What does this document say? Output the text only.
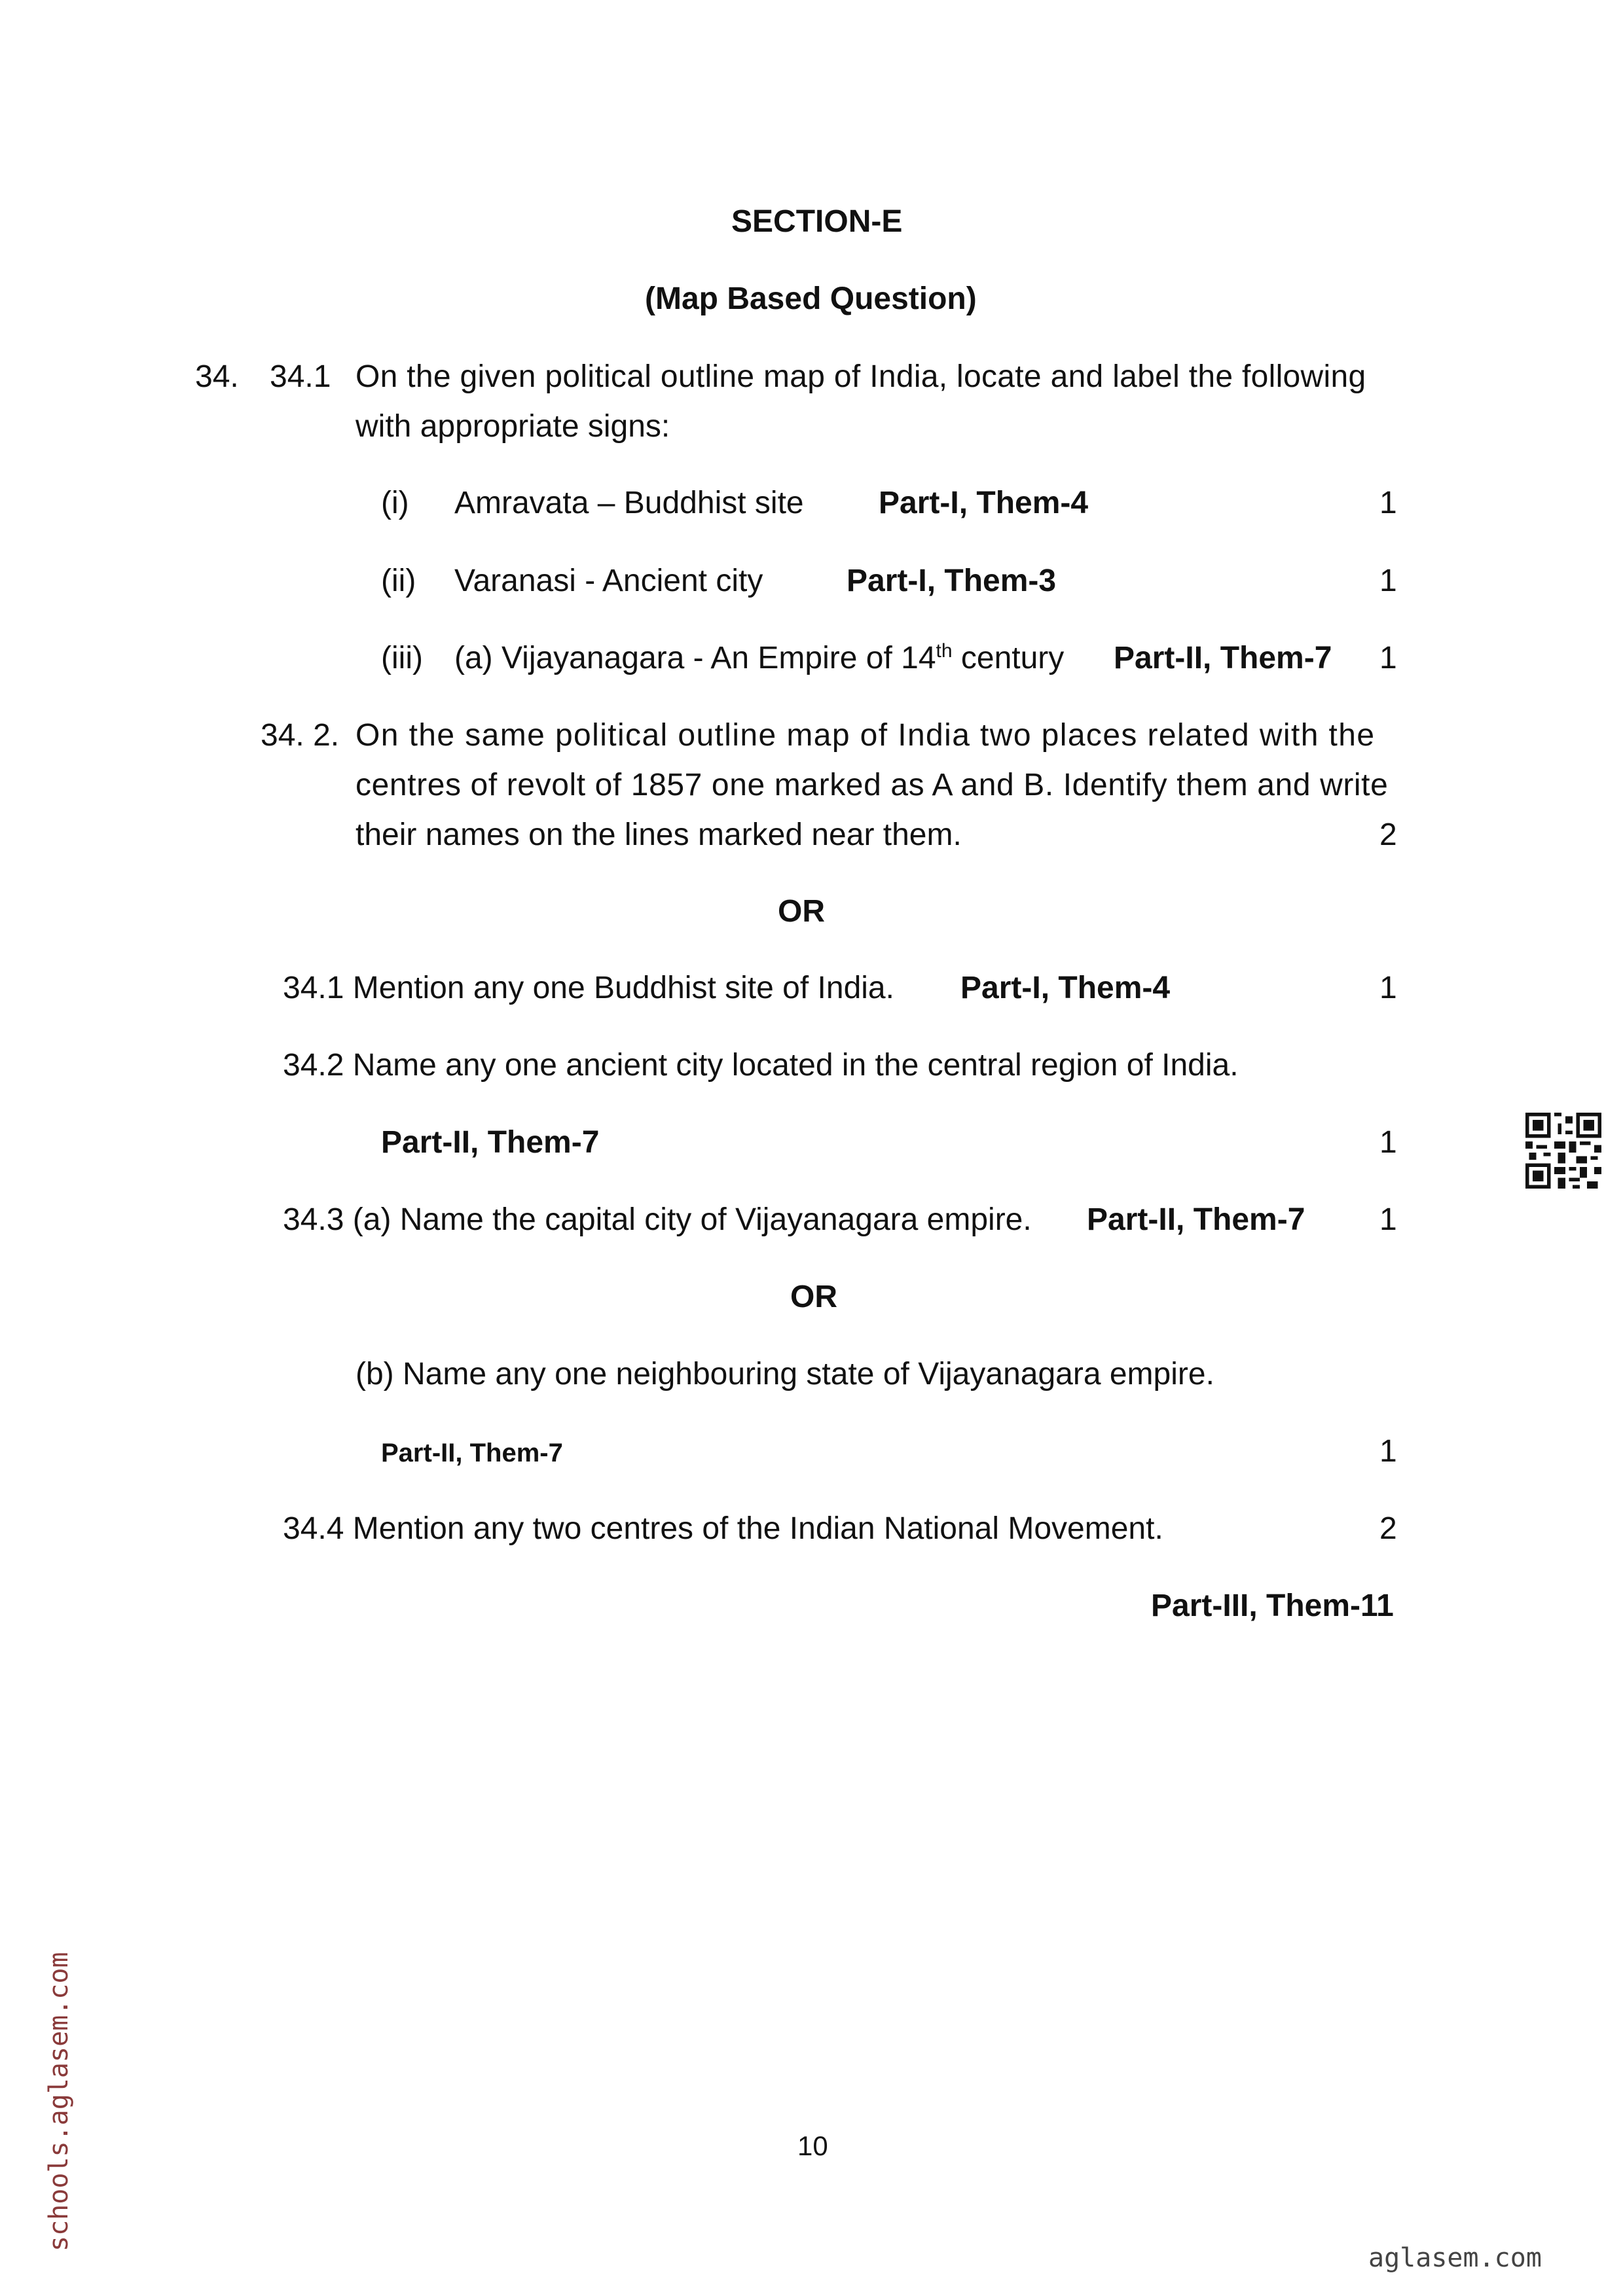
SECTION-E
(Map Based Question)
34. 34.1 On the given political outline map of India, locate and label the following
with appropriate signs:
(i) Amravata – Buddhist site Part-I, Them-4	1
(ii) Varanasi - Ancient city	Part-I, Them-3	1
(iii) (a) Vijayanagara - An Empire of 14th century Part-II, Them-7 1
34. 2. On the same political outline map of India two places related with the
centres of revolt of 1857 one marked as A and B. Identify them and write
their names on the lines marked near them.	2
OR
34.1 Mention any one Buddhist site of India. Part-I, Them-4	1
34.2 Name any one ancient city located in the central region of India.
Part-II, Them-7	1
34.3 (a) Name the capital city of Vijayanagara empire. Part-II, Them-7 1
OR
(b) Name any one neighbouring state of Vijayanagara empire.
Part-II, Them-7	1
34.4 Mention any two centres of the Indian National Movement.	2
Part-III, Them-11
10
schools.aglasem.com
aglasem.com
